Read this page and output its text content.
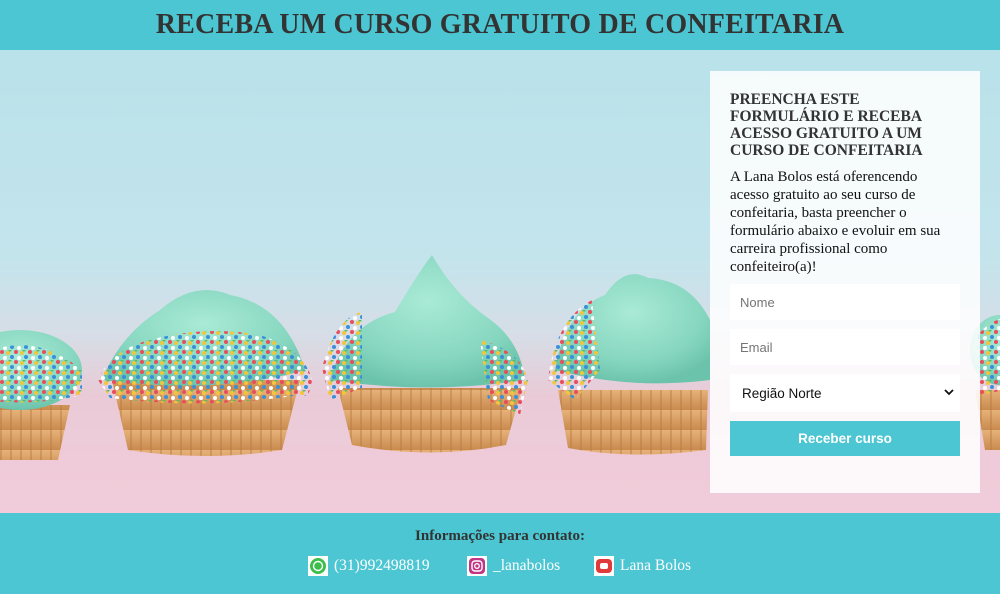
RECEBA UM CURSO GRATUITO DE CONFEITARIA
PREENCHA ESTE FORMULÁRIO E RECEBA ACESSO GRATUITO A UM CURSO DE CONFEITARIA
A Lana Bolos está oferencendo acesso gratuito ao seu curso de confeitaria, basta preencher o formulário abaixo e evoluir em sua carreira profissional como confeiteiro(a)!
Nome
Email
Região Norte
Receber curso
Informações para contato:
(31)992498819	_lanabolos	Lana Bolos
